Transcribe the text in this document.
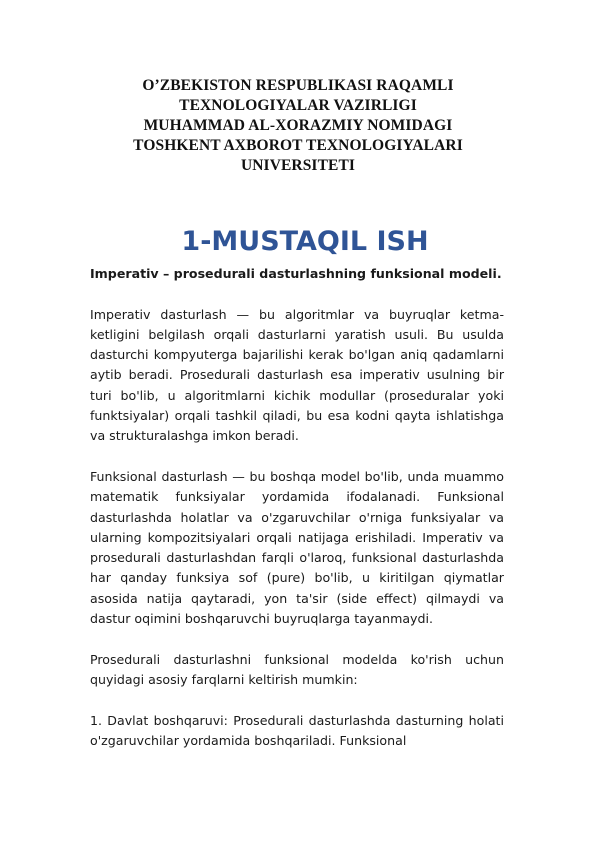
O’ZBEKISTON RESPUBLIKASI RAQAMLI
TEXNOLOGIYALAR VAZIRLIGI
MUHAMMAD AL-XORAZMIY NOMIDAGI
TOSHKENT AXBOROT TEXNOLOGIYALARI
UNIVERSITETI
1-MUSTAQIL ISH

Imperativ – prosedurali dasturlashning funksional modeli.

Imperativ dasturlash — bu algoritmlar va buyruqlar ketma-ketligini belgilash orqali dasturlarni yaratish usuli. Bu usulda dasturchi kompyuterga bajarilishi kerak bo'lgan aniq qadamlarni aytib beradi. Prosedurali dasturlash esa imperativ usulning bir turi bo'lib, u algoritmlarni kichik modullar (proseduralar yoki funktsiyalar) orqali tashkil qiladi, bu esa kodni qayta ishlatishga va strukturalashga imkon beradi.

Funksional dasturlash — bu boshqa model bo'lib, unda muammo matematik funksiyalar yordamida ifodalanadi. Funksional dasturlashda holatlar va o'zgaruvchilar o'rniga funksiyalar va ularning kompozitsiyalari orqali natijaga erishiladi. Imperativ va prosedurali dasturlashdan farqli o'laroq, funksional dasturlashda har qanday funksiya sof (pure) bo'lib, u kiritilgan qiymatlar asosida natija qaytaradi, yon ta'sir (side effect) qilmaydi va dastur oqimini boshqaruvchi buyruqlarga tayanmaydi.

Prosedurali dasturlashni funksional modelda ko'rish uchun quyidagi asosiy farqlarni keltirish mumkin:

1. Davlat boshqaruvi: Prosedurali dasturlashda dasturning holati o'zgaruvchilar yordamida boshqariladi. Funksional
